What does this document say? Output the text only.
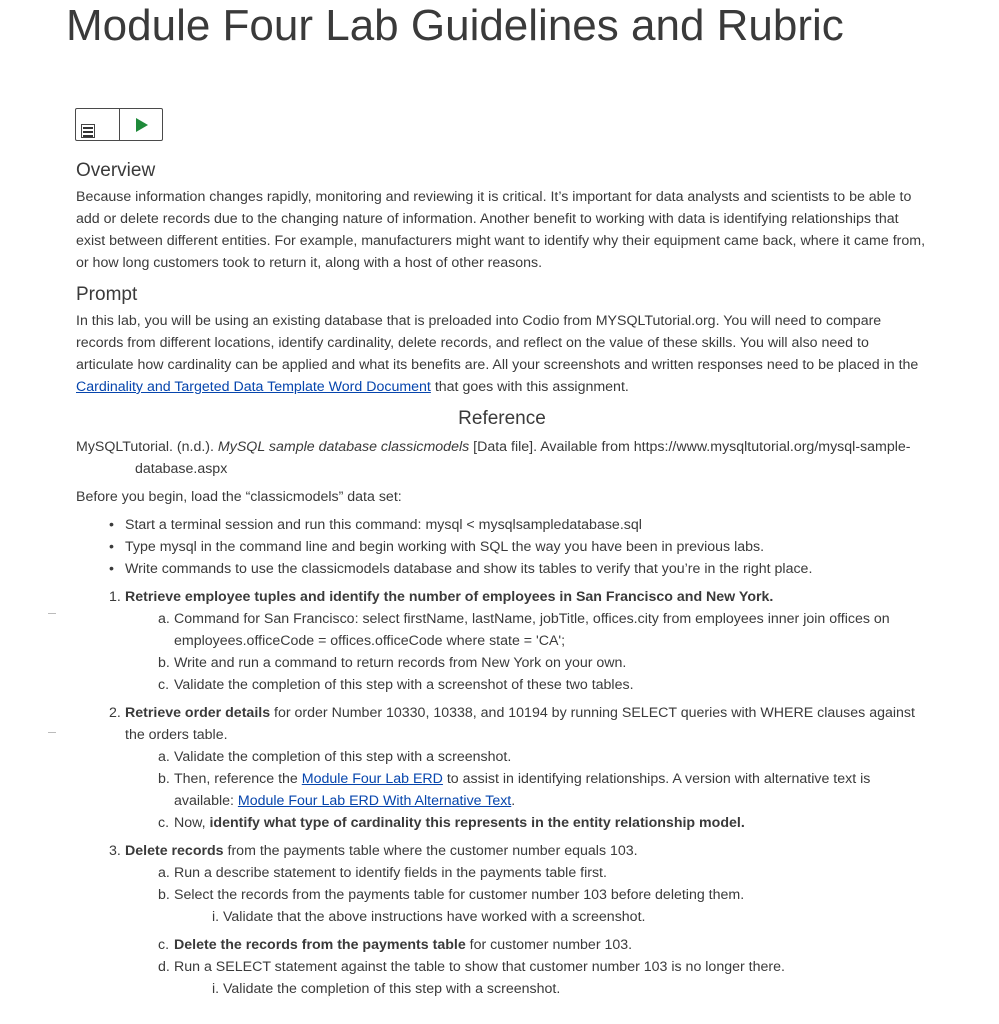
Module Four Lab Guidelines and Rubric
Overview

Because information changes rapidly, monitoring and reviewing it is critical. It’s important for data analysts and scientists to be able to add or delete records due to the changing nature of information. Another benefit to working with data is identifying relationships that exist between different entities. For example, manufacturers might want to identify why their equipment came back, where it came from, or how long customers took to return it, along with a host of other reasons.

Prompt

In this lab, you will be using an existing database that is preloaded into Codio from MYSQLTutorial.org. You will need to compare records from different locations, identify cardinality, delete records, and reflect on the value of these skills. You will also need to articulate how cardinality can be applied and what its benefits are. All your screenshots and written responses need to be placed in the Cardinality and Targeted Data Template Word Document that goes with this assignment.

Reference

MySQLTutorial. (n.d.). MySQL sample database classicmodels [Data file]. Available from https://www.mysqltutorial.org/mysql-sample-database.aspx

Before you begin, load the “classicmodels” data set:

• Start a terminal session and run this command: mysql < mysqlsampledatabase.sql
• Type mysql in the command line and begin working with SQL the way you have been in previous labs.
• Write commands to use the classicmodels database and show its tables to verify that you’re in the right place.
1. Retrieve employee tuples and identify the number of employees in San Francisco and New York.
a. Command for San Francisco: select firstName, lastName, jobTitle, offices.city from employees inner join offices on employees.officeCode = offices.officeCode where state = 'CA';
b. Write and run a command to return records from New York on your own.
c. Validate the completion of this step with a screenshot of these two tables.
2. Retrieve order details for order Number 10330, 10338, and 10194 by running SELECT queries with WHERE clauses against the orders table.
a. Validate the completion of this step with a screenshot.
b. Then, reference the Module Four Lab ERD to assist in identifying relationships. A version with alternative text is available: Module Four Lab ERD With Alternative Text.
c. Now, identify what type of cardinality this represents in the entity relationship model.
3. Delete records from the payments table where the customer number equals 103.
a. Run a describe statement to identify fields in the payments table first.
b. Select the records from the payments table for customer number 103 before deleting them.
i. Validate that the above instructions have worked with a screenshot.
c. Delete the records from the payments table for customer number 103.
d. Run a SELECT statement against the table to show that customer number 103 is no longer there.
i. Validate the completion of this step with a screenshot.
